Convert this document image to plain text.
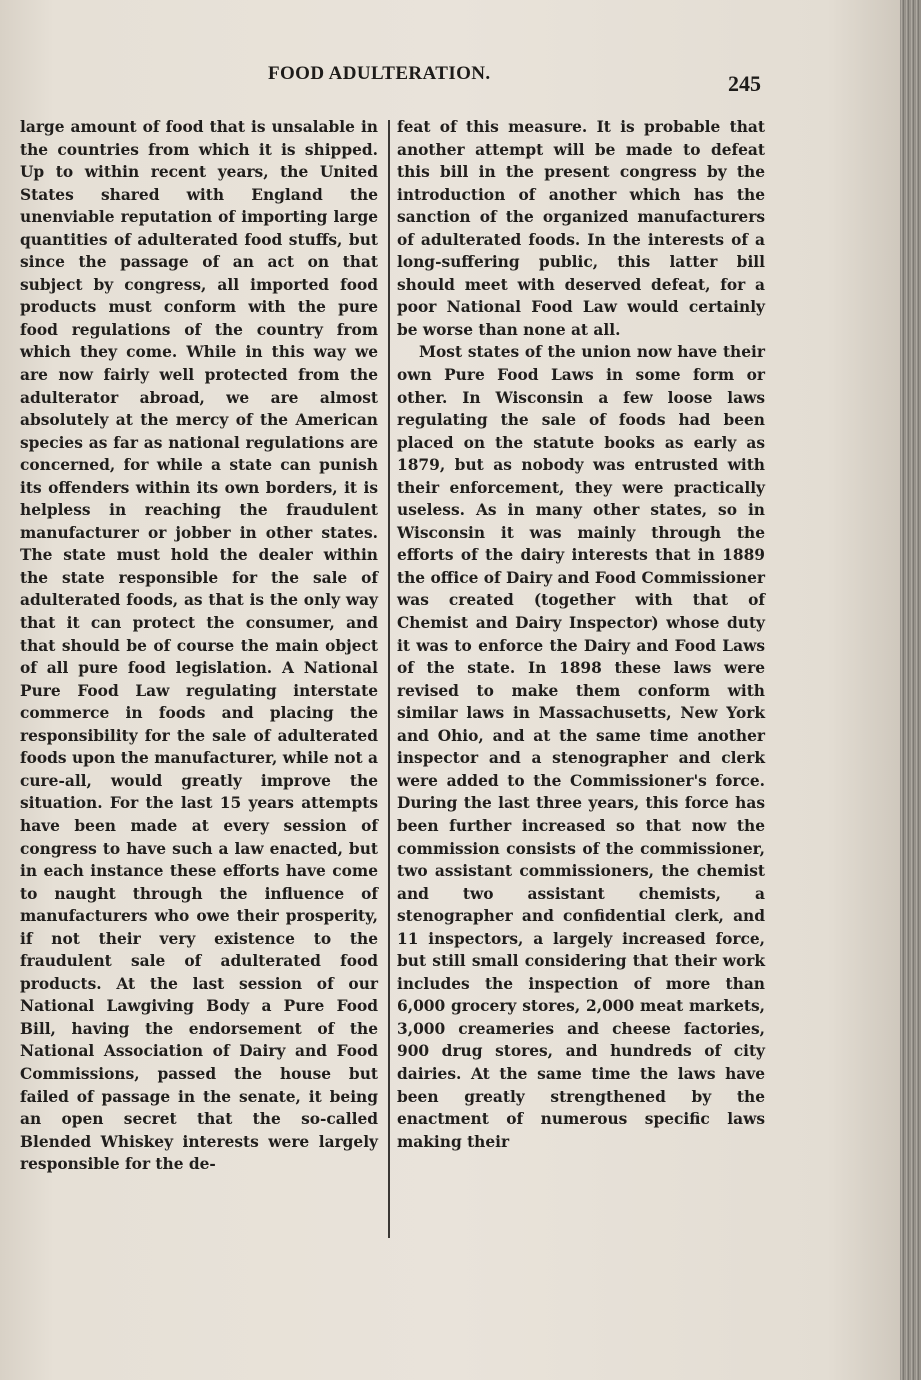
FOOD ADULTERATION.	245

large amount of food that is unsalable in the countries from which it is shipped. Up to within recent years, the United States shared with England the unenviable reputation of importing large quantities of adulterated food stuffs, but since the passage of an act on that subject by congress, all imported food products must conform with the pure food regulations of the country from which they come. While in this way we are now fairly well protected from the adulterator abroad, we are almost absolutely at the mercy of the American species as far as national regulations are concerned, for while a state can punish its offenders within its own borders, it is helpless in reaching the fraudulent manufacturer or jobber in other states. The state must hold the dealer within the state responsible for the sale of adulterated foods, as that is the only way that it can protect the consumer, and that should be of course the main object of all pure food legislation. A National Pure Food Law regulating interstate commerce in foods and placing the responsibility for the sale of adulterated foods upon the manufacturer, while not a cure-all, would greatly improve the situation. For the last 15 years attempts have been made at every session of congress to have such a law enacted, but in each instance these efforts have come to naught through the influence of manufacturers who owe their prosperity, if not their very existence to the fraudulent sale of adulterated food products. At the last session of our National Lawgiving Body a Pure Food Bill, having the endorsement of the National Association of Dairy and Food Commissions, passed the house but failed of passage in the senate, it being an open secret that the so-called Blended Whiskey interests were largely responsible for the de-

feat of this measure. It is probable that another attempt will be made to defeat this bill in the present congress by the introduction of another which has the sanction of the organized manufacturers of adulterated foods. In the interests of a long-suffering public, this latter bill should meet with deserved defeat, for a poor National Food Law would certainly be worse than none at all.

Most states of the union now have their own Pure Food Laws in some form or other. In Wisconsin a few loose laws regulating the sale of foods had been placed on the statute books as early as 1879, but as nobody was entrusted with their enforcement, they were practically useless. As in many other states, so in Wisconsin it was mainly through the efforts of the dairy interests that in 1889 the office of Dairy and Food Commissioner was created (together with that of Chemist and Dairy Inspector) whose duty it was to enforce the Dairy and Food Laws of the state. In 1898 these laws were revised to make them conform with similar laws in Massachusetts, New York and Ohio, and at the same time another inspector and a stenographer and clerk were added to the Commissioner's force. During the last three years, this force has been further increased so that now the commission consists of the commissioner, two assistant commissioners, the chemist and two assistant chemists, a stenographer and confidential clerk, and 11 inspectors, a largely increased force, but still small considering that their work includes the inspection of more than 6,000 grocery stores, 2,000 meat markets, 3,000 creameries and cheese factories, 900 drug stores, and hundreds of city dairies. At the same time the laws have been greatly strengthened by the enactment of numerous specific laws making their
